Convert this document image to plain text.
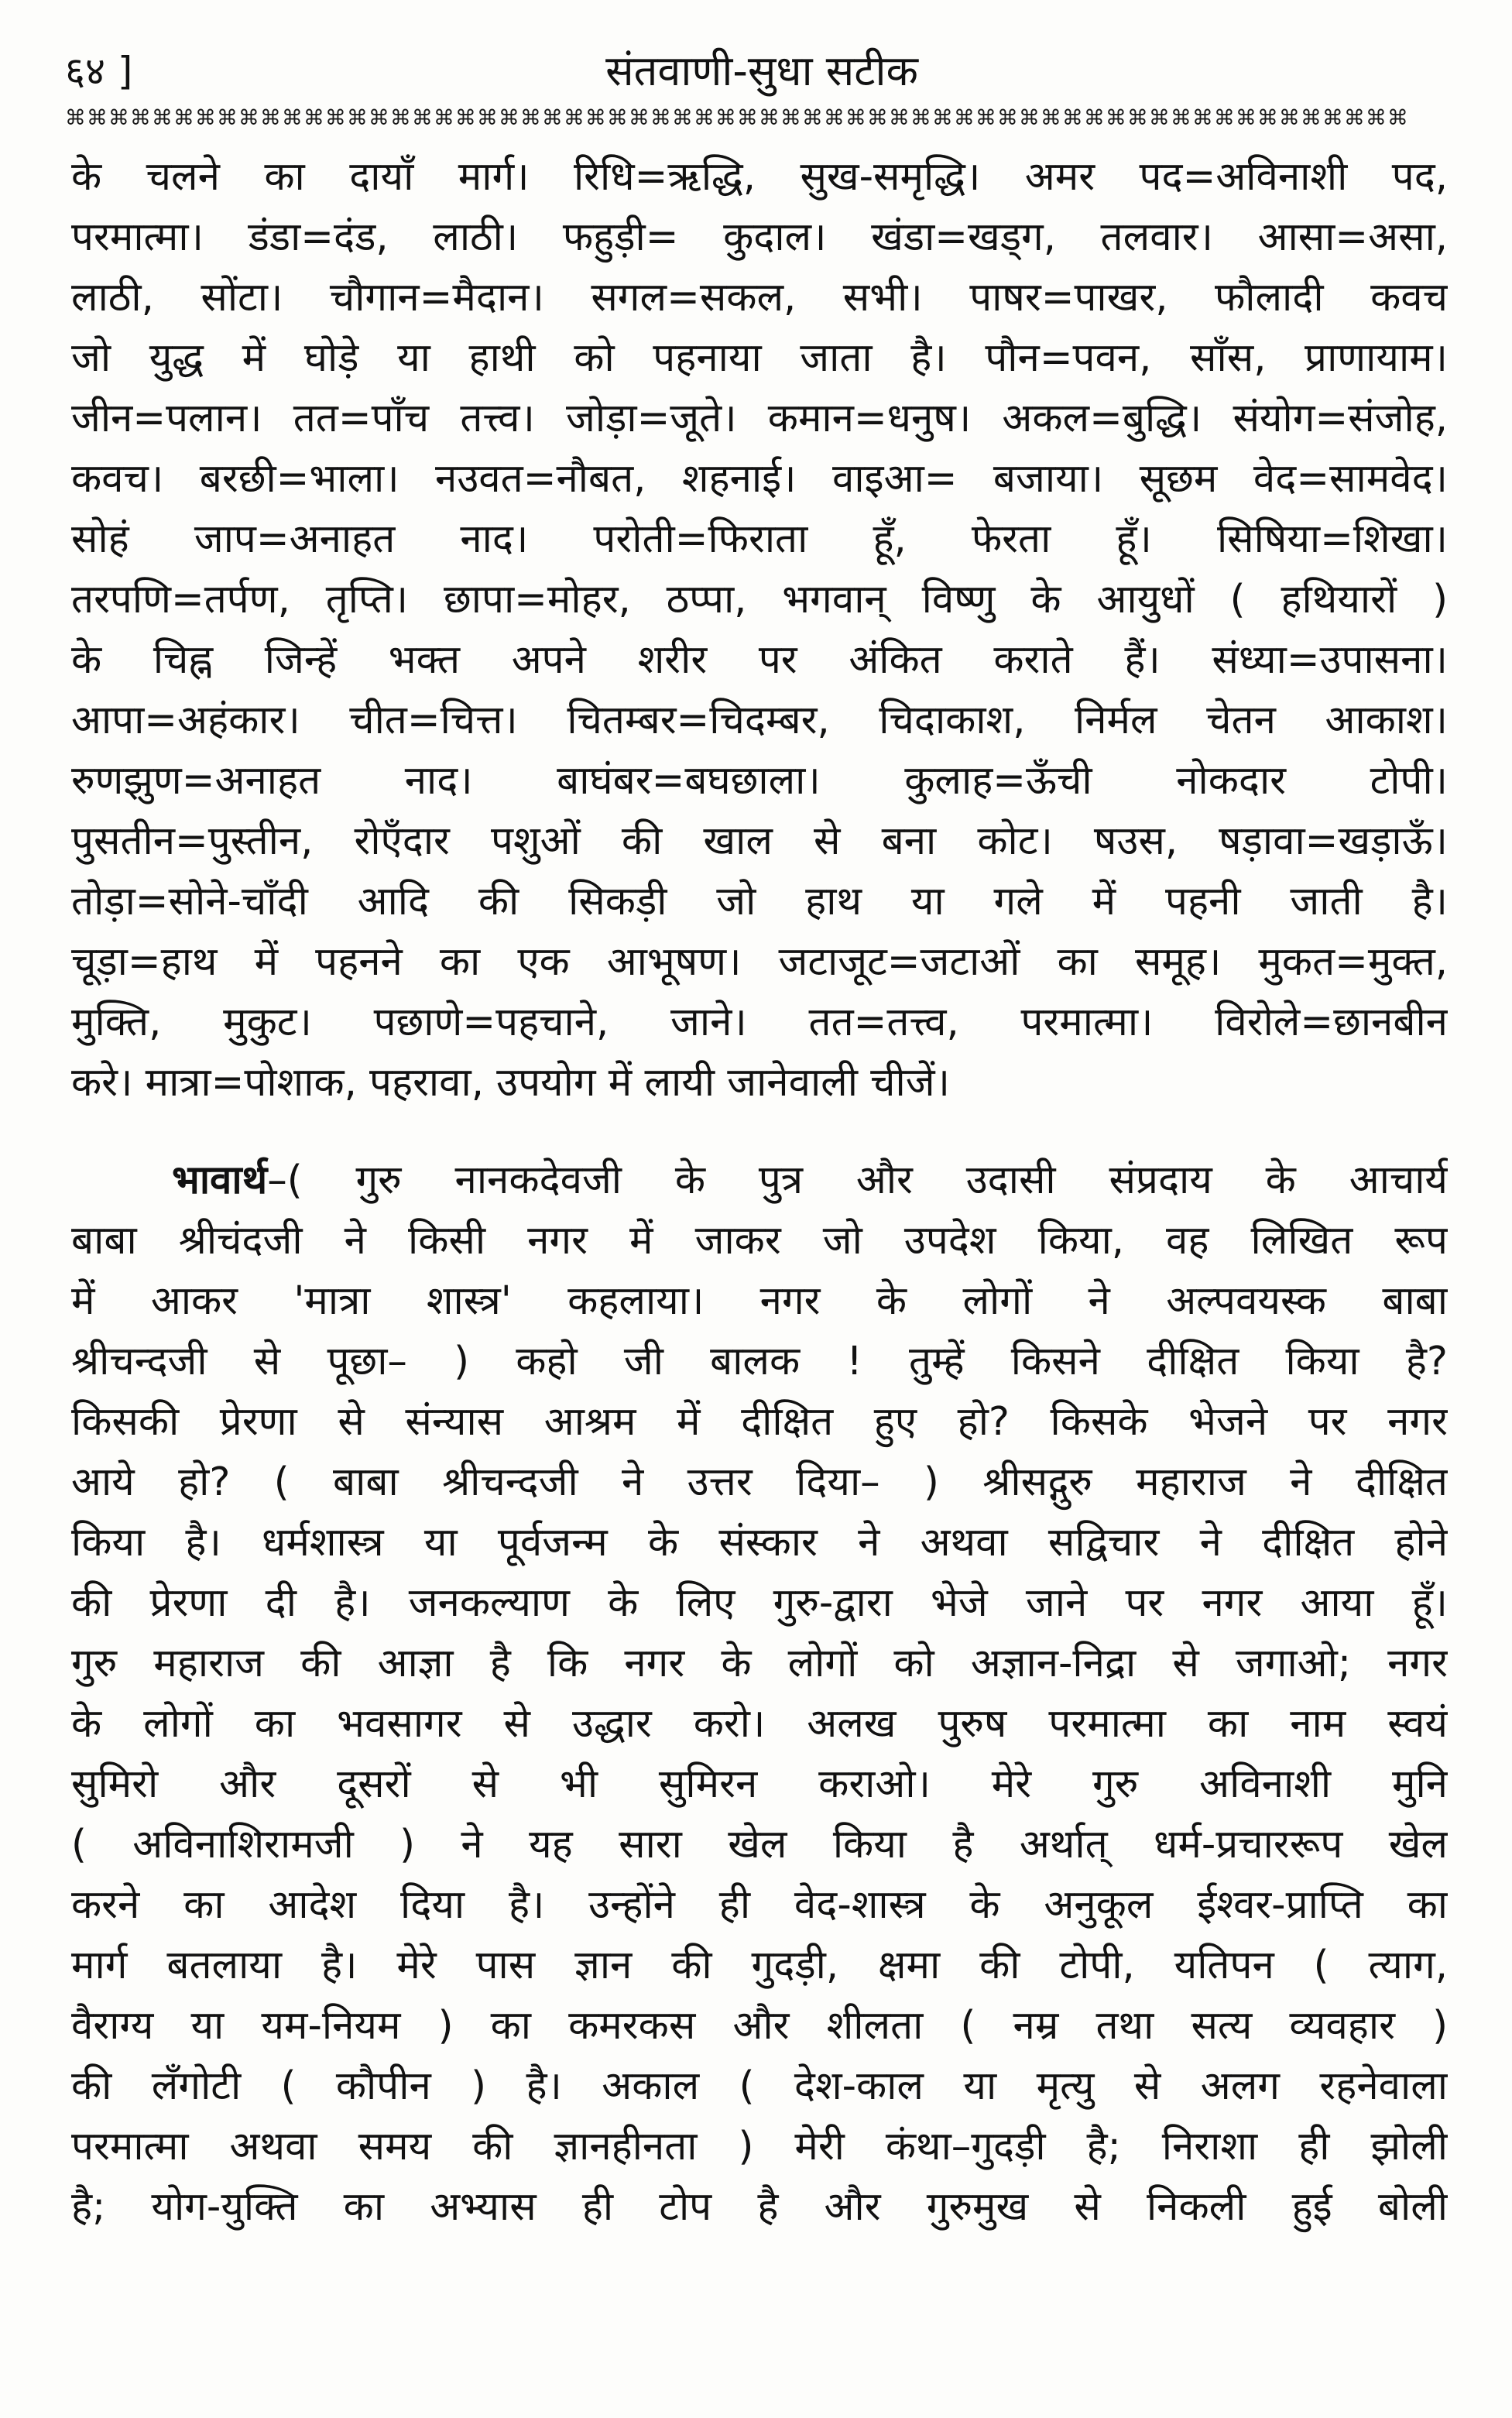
६४ ]	संतवाणी-सुधा सटीक
⌘⌘⌘⌘⌘⌘⌘⌘⌘⌘⌘⌘⌘⌘⌘⌘⌘⌘⌘⌘⌘⌘⌘⌘⌘⌘⌘⌘⌘⌘⌘⌘⌘⌘⌘⌘⌘⌘⌘⌘⌘⌘⌘⌘⌘⌘⌘⌘⌘⌘⌘⌘⌘⌘⌘⌘⌘⌘⌘⌘⌘⌘
के चलने का दायाँ मार्ग। रिधि=ऋद्धि, सुख-समृद्धि। अमर पद=अविनाशी पद,
परमात्मा। डंडा=दंड, लाठी। फहुड़ी= कुदाल। खंडा=खड्ग, तलवार। आसा=असा,
लाठी, सोंटा। चौगान=मैदान। सगल=सकल, सभी। पाषर=पाखर, फौलादी कवच
जो युद्ध में घोड़े या हाथी को पहनाया जाता है। पौन=पवन, साँस, प्राणायाम।
जीन=पलान। तत=पाँच तत्त्व। जोड़ा=जूते। कमान=धनुष। अकल=बुद्धि। संयोग=संजोह,
कवच। बरछी=भाला। नउवत=नौबत, शहनाई। वाइआ= बजाया। सूछम वेद=सामवेद।
सोहं जाप=अनाहत नाद। परोती=फिराता हूँ, फेरता हूँ। सिषिया=शिखा।
तरपणि=तर्पण, तृप्ति। छापा=मोहर, ठप्पा, भगवान् विष्णु के आयुधों ( हथियारों )
के चिह्न जिन्हें भक्त अपने शरीर पर अंकित कराते हैं। संध्या=उपासना।
आपा=अहंकार। चीत=चित्त। चितम्बर=चिदम्बर, चिदाकाश, निर्मल चेतन आकाश।
रुणझुण=अनाहत नाद। बाघंबर=बघछाला। कुलाह=ऊँची नोकदार टोपी।
पुसतीन=पुस्तीन, रोएँदार पशुओं की खाल से बना कोट। षउस, षड़ावा=खड़ाऊँ।
तोड़ा=सोने-चाँदी आदि की सिकड़ी जो हाथ या गले में पहनी जाती है।
चूड़ा=हाथ में पहनने का एक आभूषण। जटाजूट=जटाओं का समूह। मुकत=मुक्त,
मुक्ति, मुकुट। पछाणे=पहचाने, जाने। तत=तत्त्व, परमात्मा। विरोले=छानबीन
करे। मात्रा=पोशाक, पहरावा, उपयोग में लायी जानेवाली चीजें।
भावार्थ–( गुरु नानकदेवजी के पुत्र और उदासी संप्रदाय के आचार्य
बाबा श्रीचंदजी ने किसी नगर में जाकर जो उपदेश किया, वह लिखित रूप
में आकर 'मात्रा शास्त्र' कहलाया। नगर के लोगों ने अल्पवयस्क बाबा
श्रीचन्दजी से पूछा– ) कहो जी बालक ! तुम्हें किसने दीक्षित किया है?
किसकी प्रेरणा से संन्यास आश्रम में दीक्षित हुए हो? किसके भेजने पर नगर
आये हो? ( बाबा श्रीचन्दजी ने उत्तर दिया– ) श्रीसद्गुरु महाराज ने दीक्षित
किया है। धर्मशास्त्र या पूर्वजन्म के संस्कार ने अथवा सद्विचार ने दीक्षित होने
की प्रेरणा दी है। जनकल्याण के लिए गुरु-द्वारा भेजे जाने पर नगर आया हूँ।
गुरु महाराज की आज्ञा है कि नगर के लोगों को अज्ञान-निद्रा से जगाओ; नगर
के लोगों का भवसागर से उद्धार करो। अलख पुरुष परमात्मा का नाम स्वयं
सुमिरो और दूसरों से भी सुमिरन कराओ। मेरे गुरु अविनाशी मुनि
( अविनाशिरामजी ) ने यह सारा खेल किया है अर्थात् धर्म-प्रचाररूप खेल
करने का आदेश दिया है। उन्होंने ही वेद-शास्त्र के अनुकूल ईश्वर-प्राप्ति का
मार्ग बतलाया है। मेरे पास ज्ञान की गुदड़ी, क्षमा की टोपी, यतिपन ( त्याग,
वैराग्य या यम-नियम ) का कमरकस और शीलता ( नम्र तथा सत्य व्यवहार )
की लँगोटी ( कौपीन ) है। अकाल ( देश-काल या मृत्यु से अलग रहनेवाला
परमात्मा अथवा समय की ज्ञानहीनता ) मेरी कंथा–गुदड़ी है; निराशा ही झोली
है; योग-युक्ति का अभ्यास ही टोप है और गुरुमुख से निकली हुई बोली
